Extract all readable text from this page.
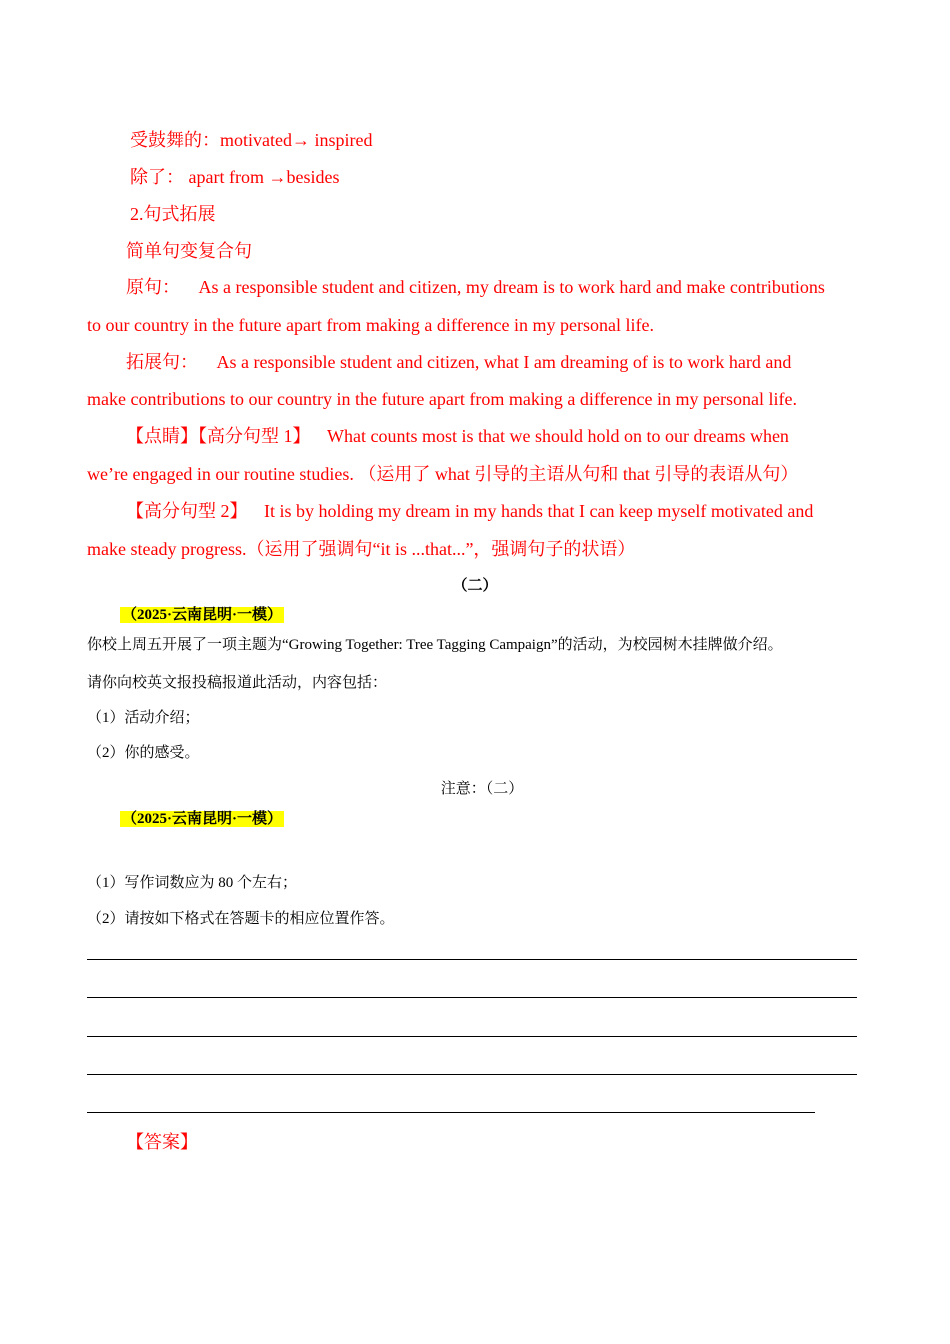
受鼓舞的：motivated→ inspired
除了： apart from →besides
2.句式拓展
简单句变复合句
原句： As a responsible student and citizen, my dream is to work hard and make contributions
to our country in the future apart from making a difference in my personal life.
拓展句： As a responsible student and citizen, what I am dreaming of is to work hard and
make contributions to our country in the future apart from making a difference in my personal life.
【点睛】【高分句型 1】 What counts most is that we should hold on to our dreams when
we’re engaged in our routine studies. （运用了 what 引导的主语从句和 that 引导的表语从句）
【高分句型 2】 It is by holding my dream in my hands that I can keep myself motivated and
make steady progress.（运用了强调句“it is ...that...”，强调句子的状语）
（二）
（2025·云南昆明·一模）
你校上周五开展了一项主题为“Growing Together: Tree Tagging Campaign”的活动，为校园树木挂牌做介绍。
请你向校英文报投稿报道此活动，内容包括：
（1）活动介绍；
（2）你的感受。
注意：（二）
（2025·云南昆明·一模）
（1）写作词数应为 80 个左右；
（2）请按如下格式在答题卡的相应位置作答。
【答案】
